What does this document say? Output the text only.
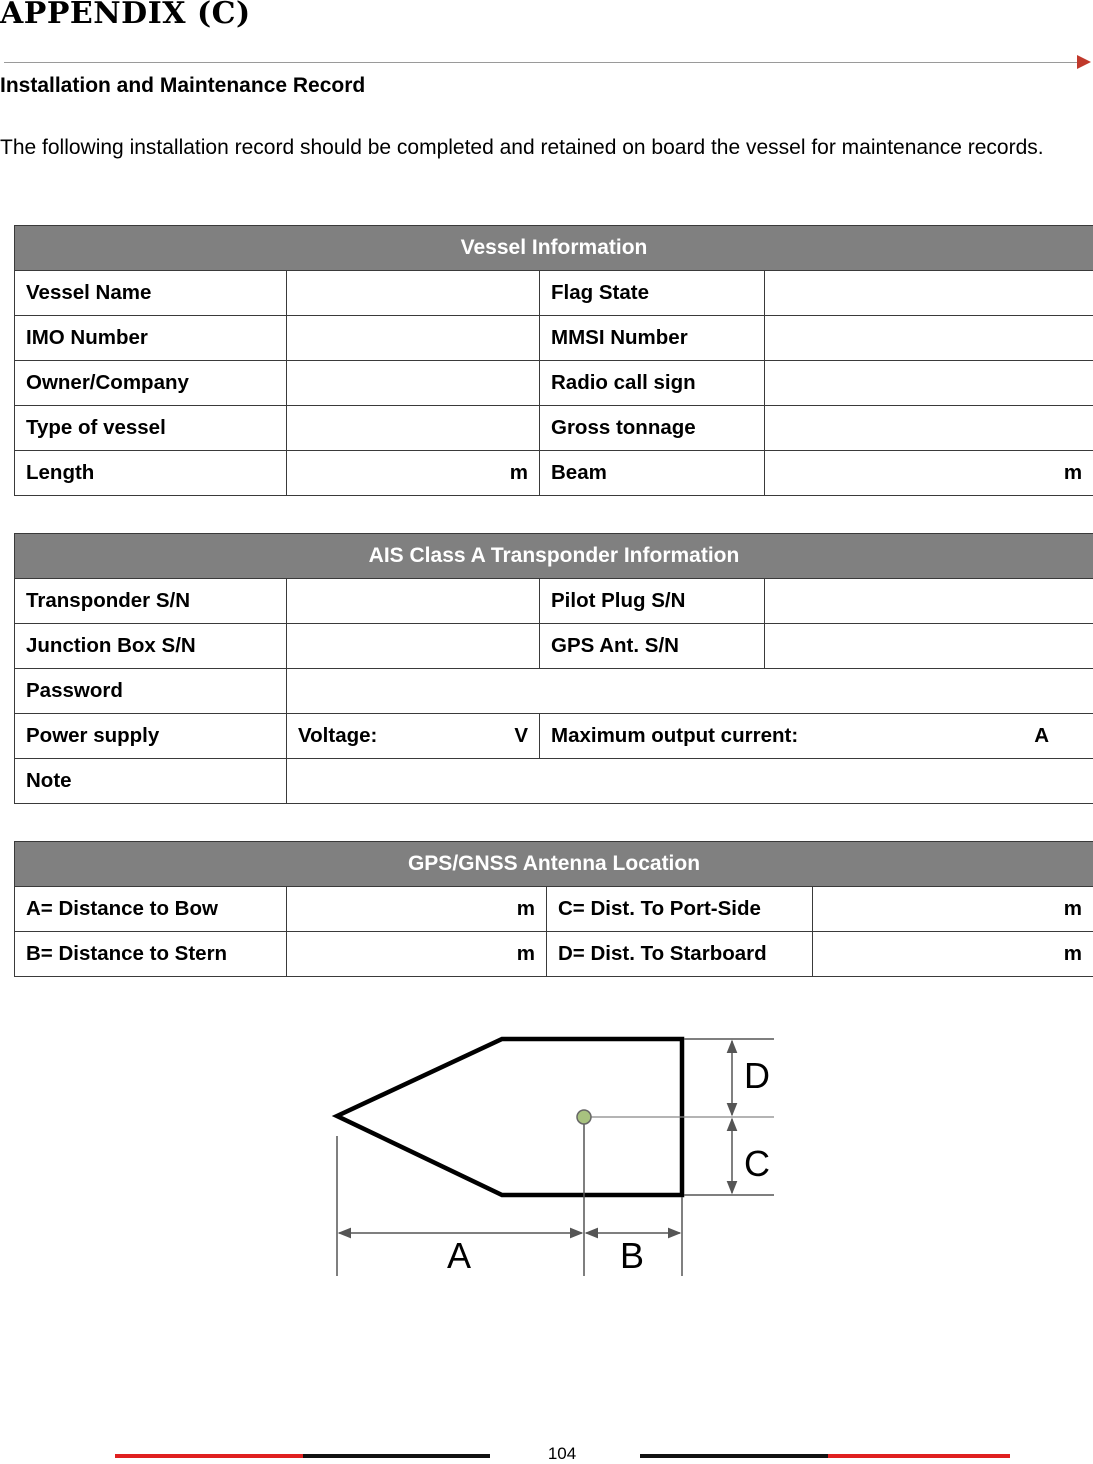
APPENDIX (C)

Installation and Maintenance Record

The following installation record should be completed and retained on board the vessel for maintenance records.

Vessel Information			
Vessel Name		Flag State	
IMO Number		MMSI Number	
Owner/Company		Radio call sign	
Type of vessel		Gross tonnage	
Length	m	Beam	m
AIS Class A Transponder Information			
Transponder S/N		Pilot Plug S/N	
Junction Box S/N		GPS Ant. S/N	
Password			
Power supply	Voltage: V	Maximum output current: A	

Note			
GPS/GNSS Antenna Location			
A= Distance to Bow	m	C= Dist. To Port-Side	m
B= Distance to Stern	m	D= Dist. To Starboard	m
D
C
A	B
104
